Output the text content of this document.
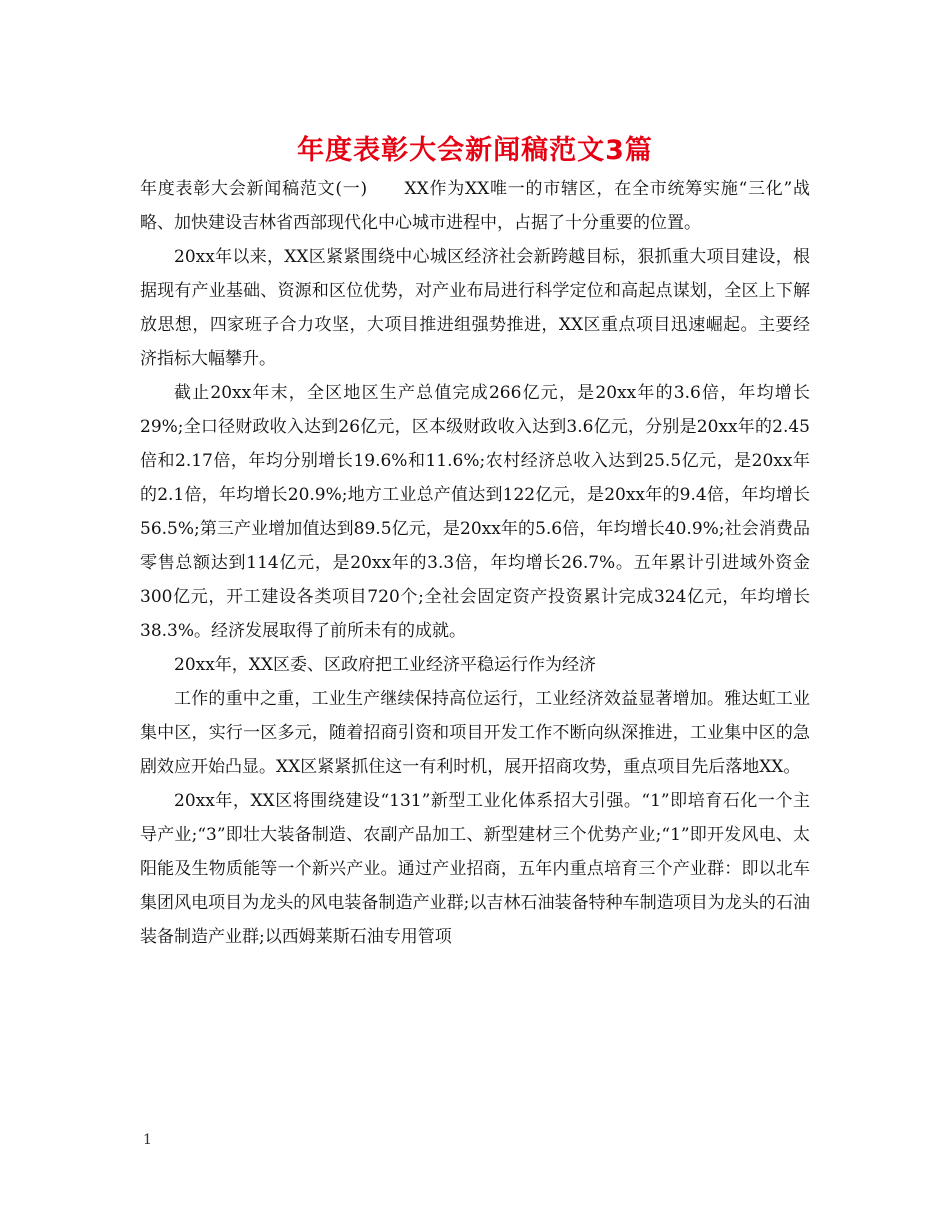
年度表彰大会新闻稿范文3篇

年度表彰大会新闻稿范文(一) XX作为XX唯一的市辖区，在全市统筹实施“三化”战略、加快建设吉林省西部现代化中心城市进程中，占据了十分重要的位置。

20xx年以来，XX区紧紧围绕中心城区经济社会新跨越目标，狠抓重大项目建设，根据现有产业基础、资源和区位优势，对产业布局进行科学定位和高起点谋划，全区上下解放思想，四家班子合力攻坚，大项目推进组强势推进，XX区重点项目迅速崛起。主要经济指标大幅攀升。

截止20xx年末，全区地区生产总值完成266亿元，是20xx年的3.6倍，年均增长29%;全口径财政收入达到26亿元，区本级财政收入达到3.6亿元，分别是20xx年的2.45倍和2.17倍，年均分别增长19.6%和11.6%;农村经济总收入达到25.5亿元，是20xx年的2.1倍，年均增长20.9%;地方工业总产值达到122亿元，是20xx年的9.4倍，年均增长56.5%;第三产业增加值达到89.5亿元，是20xx年的5.6倍，年均增长40.9%;社会消费品零售总额达到114亿元，是20xx年的3.3倍，年均增长26.7%。五年累计引进域外资金300亿元，开工建设各类项目720个;全社会固定资产投资累计完成324亿元，年均增长38.3%。经济发展取得了前所未有的成就。

20xx年，XX区委、区政府把工业经济平稳运行作为经济

工作的重中之重，工业生产继续保持高位运行，工业经济效益显著增加。雅达虹工业集中区，实行一区多元，随着招商引资和项目开发工作不断向纵深推进，工业集中区的急剧效应开始凸显。XX区紧紧抓住这一有利时机，展开招商攻势，重点项目先后落地XX。

20xx年，XX区将围绕建设“131”新型工业化体系招大引强。“1”即培育石化一个主导产业;“3”即壮大装备制造、农副产品加工、新型建材三个优势产业;“1”即开发风电、太阳能及生物质能等一个新兴产业。通过产业招商，五年内重点培育三个产业群：即以北车集团风电项目为龙头的风电装备制造产业群;以吉林石油装备特种车制造项目为龙头的石油装备制造产业群;以西姆莱斯石油专用管项

1
